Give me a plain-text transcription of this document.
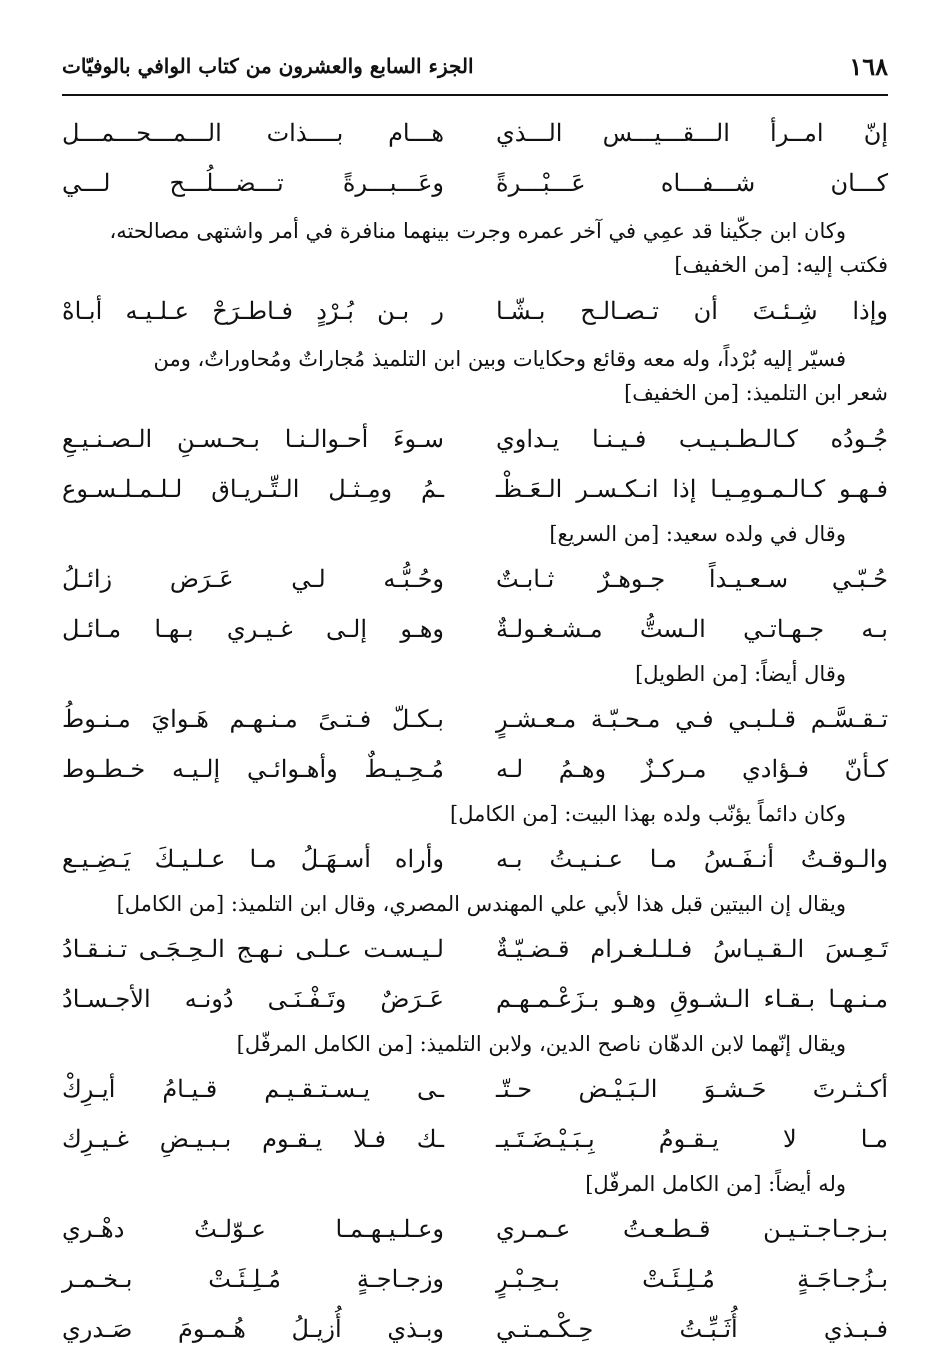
١٦٨
الجزء السابع والعشرون من كتاب الوافي بالوفيّات
إنّ امــرأ الـــقـــيـــس الـــذي
هـــام بــــذات الـــمـــحـــمـــل
كـــان شـــفـــاه عَـــبْـــرةً
وعَـــبـــرةً تـــضـــلُـــح لـــي
وكان ابن جكّينا قد عمِي في آخر عمره وجرت بينهما منافرة في أمر واشتهى مصالحته،
فكتب إليه: [من الخفيف]
وإذا شِـئـتَ أن تـصـالـح بـشّـا
ر بـن بُـرْدٍ فـاطـرَحْ عـلـيـه أبـاهْ
فسيّر إليه بُرْداً، وله معه وقائع وحكايات وبين ابن التلميذ مُجاراتٌ ومُحاوراتٌ، ومن
شعر ابن التلميذ: [من الخفيف]
جُـودُه كـالـطـبـيـب فـيـنـا يـداوي
سـوءَ أحـوالـنـا بـحـسـنِ الـصـنـيـعِ
فـهـو كـالـمـومِـيـا إذا انـكـسـر الـعَـظْـ
ـمُ ومِـثـل الـتِّـريـاق لـلـمـلـسـوع
وقال في ولده سعيد: [من السريع]
حُـبّـي سـعـيـداً جـوهـرٌ ثـابـتٌ
وحُـبُّـه لـي عَـرَض زائـلُ
بـه جـهـاتـي الـستُّ مـشـغـولـةٌ
وهـو إلـى غـيـري بـهـا مـائـل
وقال أيضاً: [من الطويل]
تـقـسَّـم قـلـبـي فـي مـحـبّـة مـعـشـرٍ
بـكـلّ فـتـىً مـنـهـم هَـوايَ مـنـوطُ
كـأنّ فـؤادي مـركـزٌ وهـمُ لـه
مُـحِـيـطٌ وأهـوائـي إلـيـه خـطـوط
وكان دائماً يؤنّب ولده بهذا البيت: [من الكامل]
والـوقـتُ أنـفَـسُ مـا عـنـيـتُ بـه
وأراه أسـهَـلُ مـا عـلـيـكَ يَـضِـيـع
ويقال إن البيتين قبل هذا لأبي علي المهندس المصري، وقال ابن التلميذ: [من الكامل]
تَـعِـسَ الـقـيـاسُ فـلـلـغـرام قـضـيّـةٌ
لـيـسـت عـلـى نـهـج الـحِـجَـى تـنـقـادُ
مـنـهـا بـقـاء الـشـوقِ وهـو بـزَعْـمـهـم
عَـرَضٌ وتَـفْـنَـى دُونـه الأجـسـادُ
ويقال إنّهما لابن الدهّان ناصح الدين، ولابن التلميذ: [من الكامل المرفّل]
أكـثـرتَ حَـشـوَ الـبَـيْـض حـتّـ
ـى يـسـتـقـيـم قـيـامُ أيـرِكْ
مـا لا يـقـومُ بِـبَـيْـضَـتَـيـ
ـك فـلا يـقـوم بـبـيـضِ غـيـرِك
وله أيضاً: [من الكامل المرفّل]
بـزجـاجـتـيـن قـطـعـتُ عـمـري
وعـلـيـهـمـا عـوّلـتُ دهْـري
بـزُجـاجَـةٍ مُـلِـئَـتْ بـحِـبْـرٍ
وزجـاجـةٍ مُـلِـئَـتْ بـخـمـر
فـبـذي أُثَـبِّـتُ حِـكْـمـتـي
وبـذي أُزيـلُ هُـمـومَ صَـدري
